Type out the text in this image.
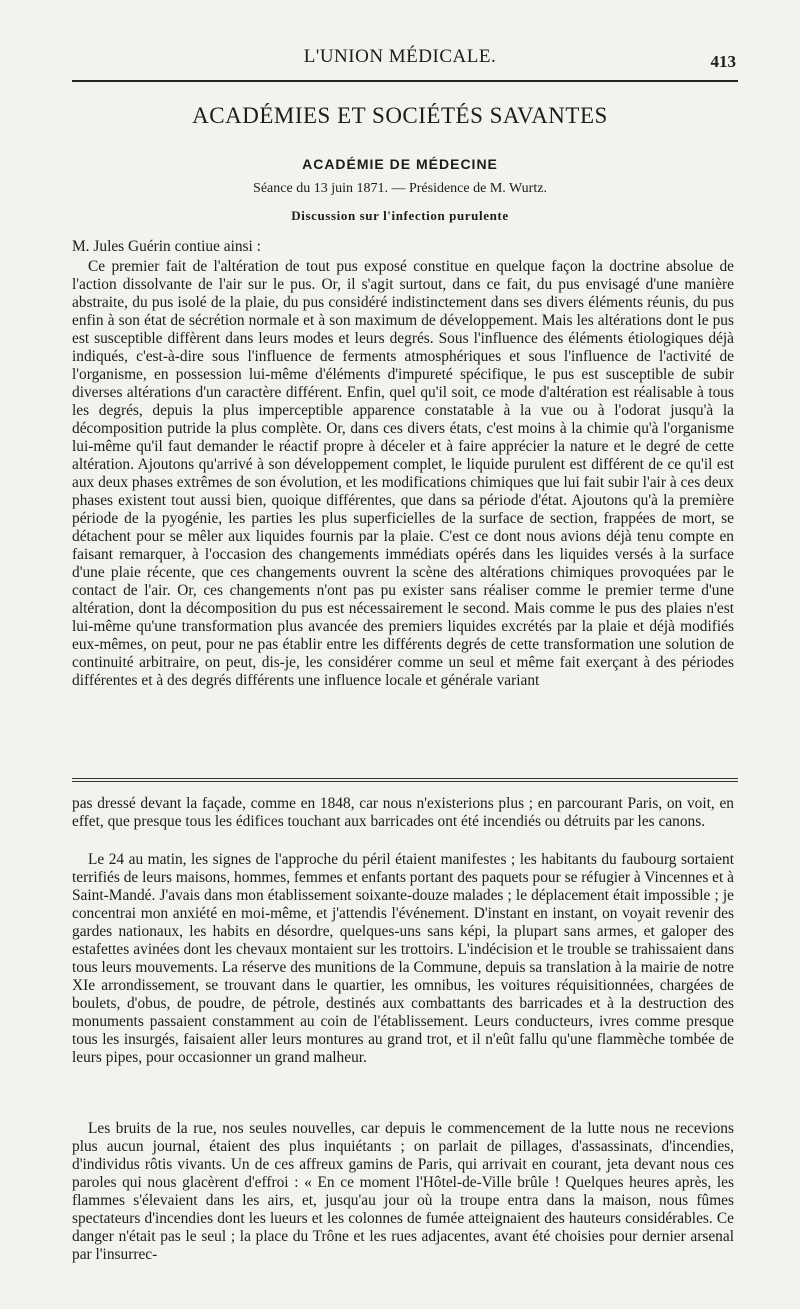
L'UNION MÉDICALE.	413
ACADÉMIES ET SOCIÉTÉS SAVANTES
ACADÉMIE DE MÉDECINE
Séance du 13 juin 1871. — Présidence de M. Wurtz.
Discussion sur l'infection purulente

M. Jules Guérin contiue ainsi :

Ce premier fait de l'altération de tout pus exposé constitue en quelque façon la doctrine absolue de l'action dissolvante de l'air sur le pus. Or, il s'agit surtout, dans ce fait, du pus envisagé d'une manière abstraite, du pus isolé de la plaie, du pus considéré indistinctement dans ses divers éléments réunis, du pus enfin à son état de sécrétion normale et à son maximum de développement. Mais les altérations dont le pus est susceptible diffèrent dans leurs modes et leurs degrés. Sous l'influence des éléments étiologiques déjà indiqués, c'est-à-dire sous l'influence de ferments atmosphériques et sous l'influence de l'activité de l'organisme, en possession lui-même d'éléments d'impureté spécifique, le pus est susceptible de subir diverses altérations d'un caractère différent. Enfin, quel qu'il soit, ce mode d'altération est réalisable à tous les degrés, depuis la plus imperceptible apparence constatable à la vue ou à l'odorat jusqu'à la décomposition putride la plus complète. Or, dans ces divers états, c'est moins à la chimie qu'à l'organisme lui-même qu'il faut demander le réactif propre à déceler et à faire apprécier la nature et le degré de cette altération. Ajoutons qu'arrivé à son développement complet, le liquide purulent est différent de ce qu'il est aux deux phases extrêmes de son évolution, et les modifications chimiques que lui fait subir l'air à ces deux phases existent tout aussi bien, quoique différentes, que dans sa période d'état. Ajoutons qu'à la première période de la pyogénie, les parties les plus superficielles de la surface de section, frappées de mort, se détachent pour se mêler aux liquides fournis par la plaie. C'est ce dont nous avions déjà tenu compte en faisant remarquer, à l'occasion des changements immédiats opérés dans les liquides versés à la surface d'une plaie récente, que ces changements ouvrent la scène des altérations chimiques provoquées par le contact de l'air. Or, ces changements n'ont pas pu exister sans réaliser comme le premier terme d'une altération, dont la décomposition du pus est nécessairement le second. Mais comme le pus des plaies n'est lui-même qu'une transformation plus avancée des premiers liquides excrétés par la plaie et déjà modifiés eux-mêmes, on peut, pour ne pas établir entre les différents degrés de cette transformation une solution de continuité arbitraire, on peut, dis-je, les considérer comme un seul et même fait exerçant à des périodes différentes et à des degrés différents une influence locale et générale variant

pas dressé devant la façade, comme en 1848, car nous n'existerions plus ; en parcourant Paris, on voit, en effet, que presque tous les édifices touchant aux barricades ont été incendiés ou détruits par les canons.

Le 24 au matin, les signes de l'approche du péril étaient manifestes ; les habitants du faubourg sortaient terrifiés de leurs maisons, hommes, femmes et enfants portant des paquets pour se réfugier à Vincennes et à Saint-Mandé. J'avais dans mon établissement soixante-douze malades ; le déplacement était impossible ; je concentrai mon anxiété en moi-même, et j'attendis l'événement. D'instant en instant, on voyait revenir des gardes nationaux, les habits en désordre, quelques-uns sans képi, la plupart sans armes, et galoper des estafettes avinées dont les chevaux montaient sur les trottoirs. L'indécision et le trouble se trahissaient dans tous leurs mouvements. La réserve des munitions de la Commune, depuis sa translation à la mairie de notre XIe arrondissement, se trouvant dans le quartier, les omnibus, les voitures réquisitionnées, chargées de boulets, d'obus, de poudre, de pétrole, destinés aux combattants des barricades et à la destruction des monuments passaient constamment au coin de l'établissement. Leurs conducteurs, ivres comme presque tous les insurgés, faisaient aller leurs montures au grand trot, et il n'eût fallu qu'une flammèche tombée de leurs pipes, pour occasionner un grand malheur.

Les bruits de la rue, nos seules nouvelles, car depuis le commencement de la lutte nous ne recevions plus aucun journal, étaient des plus inquiétants ; on parlait de pillages, d'assassinats, d'incendies, d'individus rôtis vivants. Un de ces affreux gamins de Paris, qui arrivait en courant, jeta devant nous ces paroles qui nous glacèrent d'effroi : « En ce moment l'Hôtel-de-Ville brûle ! Quelques heures après, les flammes s'élevaient dans les airs, et, jusqu'au jour où la troupe entra dans la maison, nous fûmes spectateurs d'incendies dont les lueurs et les colonnes de fumée atteignaient des hauteurs considérables. Ce danger n'était pas le seul ; la place du Trône et les rues adjacentes, avant été choisies pour dernier arsenal par l'insurrec-
